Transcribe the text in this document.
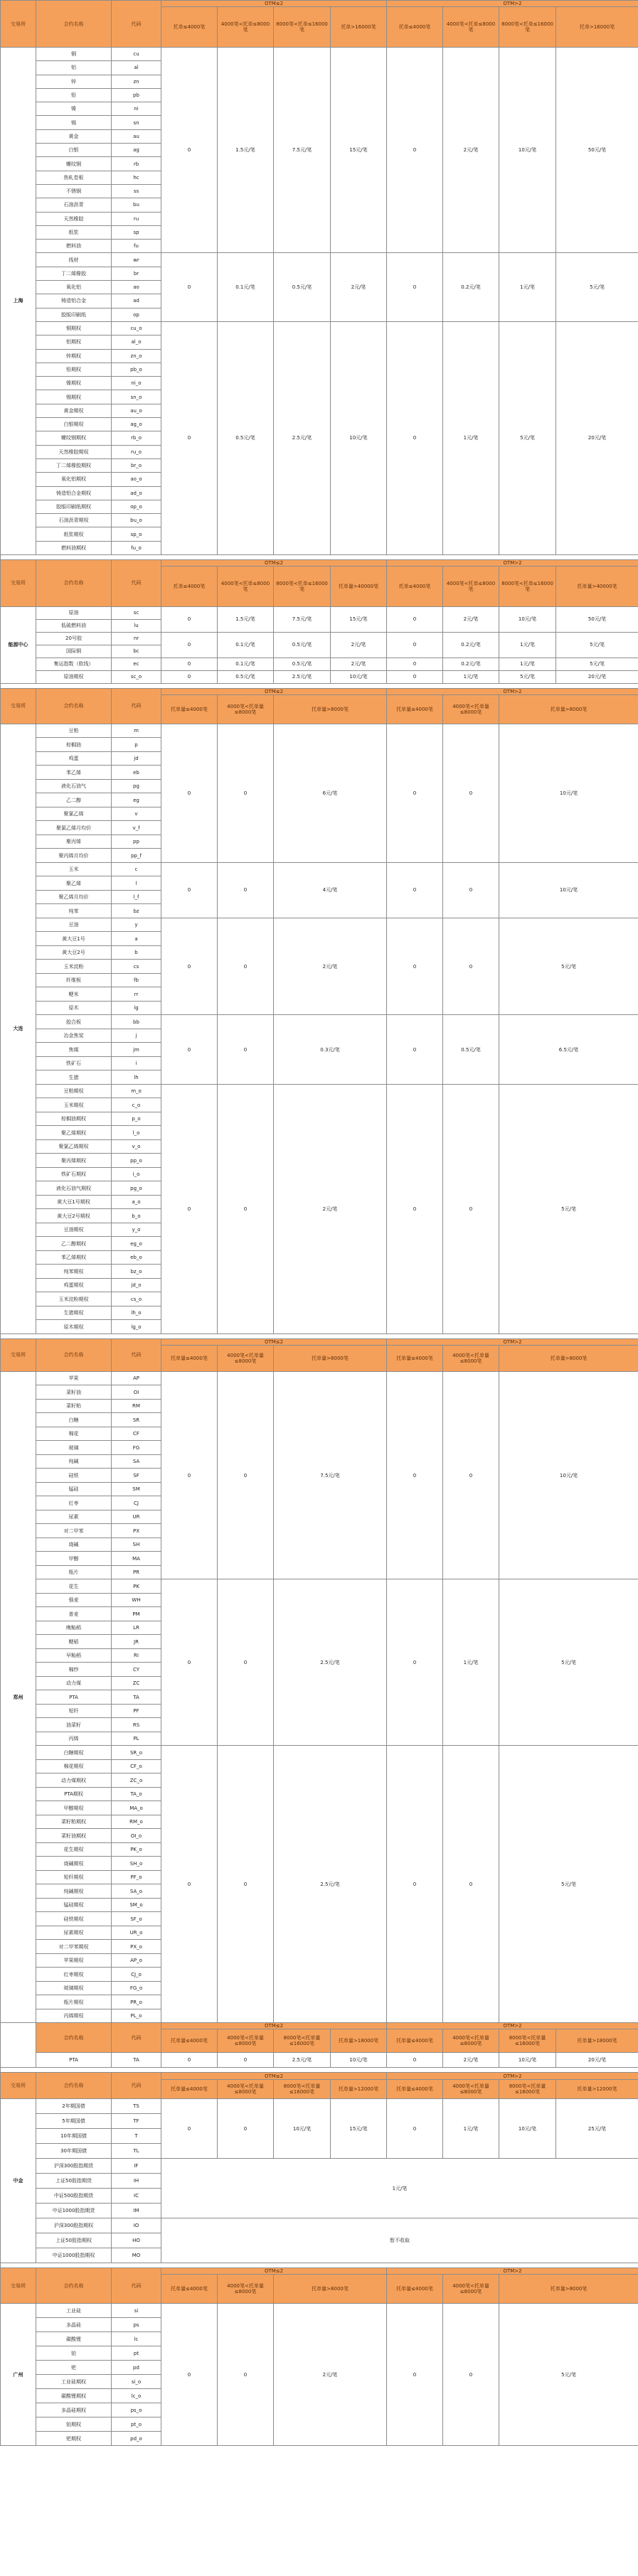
交易所	合约名称	代码	OTM≤2				OTM>2				
			托单≤4000笔	4000笔<托单≤8000笔	8000笔<托单≤16000笔	托单>16000笔	托单≤4000笔	4000笔<托单≤8000笔	8000笔<托单≤16000笔	托单>16000笔								
上海	铜	cu	0	1.5元/笔	7.5元/笔	15元/笔	0	2元/笔	10元/笔	50元/笔	
	铝	al									
	锌	zn									
	铅	pb									
	镍	ni									
	锡	sn									
	黄金	au									
	白银	ag									
	螺纹钢	rb									
	热轧卷板	hc									
	不锈钢	ss									
	石油沥青	bu									
	天然橡胶	ru									
	纸浆	sp									
	燃料油	fu									
	线材	wr	0	0.1元/笔	0.5元/笔	2元/笔	0	0.2元/笔	1元/笔	5元/笔	
	丁二烯橡胶	br									
	氧化铝	ao									
	铸造铝合金	ad									
	胶版印刷纸	op									
	铜期权	cu_o	0	0.5元/笔	2.5元/笔	10元/笔	0	1元/笔	5元/笔	20元/笔	
	铝期权	al_o									
	锌期权	zn_o									
	铅期权	pb_o									
	镍期权	ni_o									
	锡期权	sn_o									
	黄金期权	au_o									
	白银期权	ag_o									
	螺纹钢期权	rb_o									
	天然橡胶期权	ru_o									
	丁二烯橡胶期权	br_o									
	氧化铝期权	ao_o									
	铸造铝合金期权	ad_o									
	胶版印刷纸期权	op_o									
	石油沥青期权	bu_o									
	纸浆期权	sp_o									
	燃料油期权	fu_o									

交易所	合约名称	代码	OTM≤2				OTM>2				
			托单≤4000笔	4000笔<托单≤8000笔	8000笔<托单≤16000笔	托单量>40000笔	托单≤4000笔	4000笔<托单≤8000笔	8000笔<托单≤16000笔	托单量>40000笔								
能源中心	原油	sc	0	1.5元/笔	7.5元/笔	15元/笔	0	2元/笔	10元/笔	50元/笔	
	低硫燃料油	lu									
	20号胶	nr	0	0.1元/笔	0.5元/笔	2元/笔	0	0.2元/笔	1元/笔	5元/笔	
	国际铜	bc									
	集运指数（欧线）	ec	0	0.1元/笔	0.5元/笔	2元/笔	0	0.2元/笔	1元/笔	5元/笔	
	原油期权	sc_o	0	0.5元/笔	2.5元/笔	10元/笔	0	1元/笔	5元/笔	20元/笔	

交易所	合约名称	代码	OTM≤2				OTM>2				
			托单量≤4000笔	4000笔<托单量≤8000笔	托单量>8000笔		托单量≤4000笔	4000笔<托单量≤8000笔	托单量>8000笔		
大连	豆粕	m	0	0	6元/笔		0	0	10元/笔		
	棕榈油	p									
	鸡蛋	jd									
	苯乙烯	eb									
	液化石油气	pg									
	乙二醇	eg									
	聚氯乙烯	v									
	聚氯乙烯月均价	v_f									
	聚丙烯	pp									
	聚丙烯月均价	pp_f									
	玉米	c	0	0	4元/笔		0	0	10元/笔		
	聚乙烯	l									
	聚乙烯月均价	l_f									
	纯苯	bz									
	豆油	y	0	0	2元/笔		0	0	5元/笔		
	黄大豆1号	a									
	黄大豆2号	b									
	玉米淀粉	cs									
	纤维板	fb									
	粳米	rr									
	原木	lg									
	胶合板	bb	0	0	0.3元/笔		0	0.5元/笔	6.5元/笔		
	冶金焦炭	j									
	焦煤	jm									
	铁矿石	i									
	生猪	lh									
	豆粕期权	m_o	0	0	2元/笔		0	0	5元/笔		
	玉米期权	c_o									
	棕榈油期权	p_o									
	聚乙烯期权	l_o									
	聚氯乙烯期权	v_o									
	聚丙烯期权	pp_o									
	铁矿石期权	i_o									
	液化石油气期权	pg_o									
	黄大豆1号期权	a_o									
	黄大豆2号期权	b_o									
	豆油期权	y_o									
	乙二醇期权	eg_o									
	苯乙烯期权	eb_o									
	纯苯期权	bz_o									
	鸡蛋期权	jd_o									
	玉米淀粉期权	cs_o									
	生猪期权	lh_o									
	原木期权	lg_o									

交易所	合约名称	代码	OTM≤2				OTM>2				
			托单量≤4000笔	4000笔<托单量≤8000笔	托单量>8000笔		托单量≤4000笔	4000笔<托单量≤8000笔	托单量>8000笔		
郑州	苹果	AP	0	0	7.5元/笔		0	0	10元/笔		
	菜籽油	OI									
	菜籽粕	RM									
	白糖	SR									
	棉花	CF									
	玻璃	FG									
	纯碱	SA									
	硅铁	SF									
	锰硅	SM									
	红枣	CJ									
	尿素	UR									
	对二甲苯	PX									
	烧碱	SH									
	甲醇	MA									
	瓶片	PR									
	花生	PK	0	0	2.5元/笔		0	1元/笔	5元/笔		
	强麦	WH									
	普麦	PM									
	晚籼稻	LR									
	粳稻	JR									
	早籼稻	RI									
	棉纱	CY									
	动力煤	ZC									
	PTA	TA									
	短纤	PF									
	油菜籽	RS									
	丙烯	PL									
	白糖期权	SR_o	0	0	2.5元/笔		0	0	5元/笔		
	棉花期权	CF_o									
	动力煤期权	ZC_o									
	PTA期权	TA_o									
	甲醇期权	MA_o									
	菜籽粕期权	RM_o									
	菜籽油期权	OI_o									
	花生期权	PK_o									
	烧碱期权	SH_o									
	短纤期权	PF_o									
	纯碱期权	SA_o									
	锰硅期权	SM_o									
	硅铁期权	SF_o									
	尿素期权	UR_o									
	对二甲苯期权	PX_o									
	苹果期权	AP_o									
	红枣期权	CJ_o									
	玻璃期权	FG_o									
	瓶片期权	PR_o									
	丙烯期权	PL_o									
	合约名称	代码	OTM≤2				OTM>2				
			托单量≤4000笔	4000笔<托单量≤8000笔	8000笔<托单量≤16000笔	托单量>18000笔	托单量≤4000笔	4000笔<托单量≤8000笔	8000笔<托单量≤16000笔	托单量>18000笔	
	PTA	TA	0	0	2.5元/笔	10元/笔	0	2元/笔	10元/笔	20元/笔	

交易所	合约名称	代码	OTM≤2				OTM>2				
			托单量≤4000笔	4000笔<托单量≤8000笔	8000笔<托单量≤16000笔	托单量>12000笔	托单量≤4000笔	4000笔<托单量≤8000笔	8000笔<托单量≤16000笔	托单量>12000笔	
中金	2年期国债	TS	0	0	10元/笔	15元/笔	0	1元/笔	10元/笔	25元/笔	
	5年期国债	TF									
	10年期国债	T									
	30年期国债	TL									
	沪深300股指期货	IF	1元/笔								
	上证50股指期货	IH									
	中证500股指期货	IC									
	中证1000股指期货	IM									
	沪深300股指期权	IO	暂不收取								
	上证50股指期权	HO									
	中证1000股指期权	MO									

交易所	合约名称	代码	OTM≤2				OTM>2				
			托单量≤4000笔	4000笔<托单量≤8000笔	托单量>8000笔		托单量≤4000笔	4000笔<托单量≤8000笔	托单量>8000笔		
广州	工业硅	si	0	0	2元/笔		0	0	5元/笔		
	多晶硅	ps									
	碳酸锂	lc									
	铂	pt									
	钯	pd									
	工业硅期权	si_o									
	碳酸锂期权	lc_o									
	多晶硅期权	ps_o									
	铂期权	pt_o									
	钯期权	pd_o									
